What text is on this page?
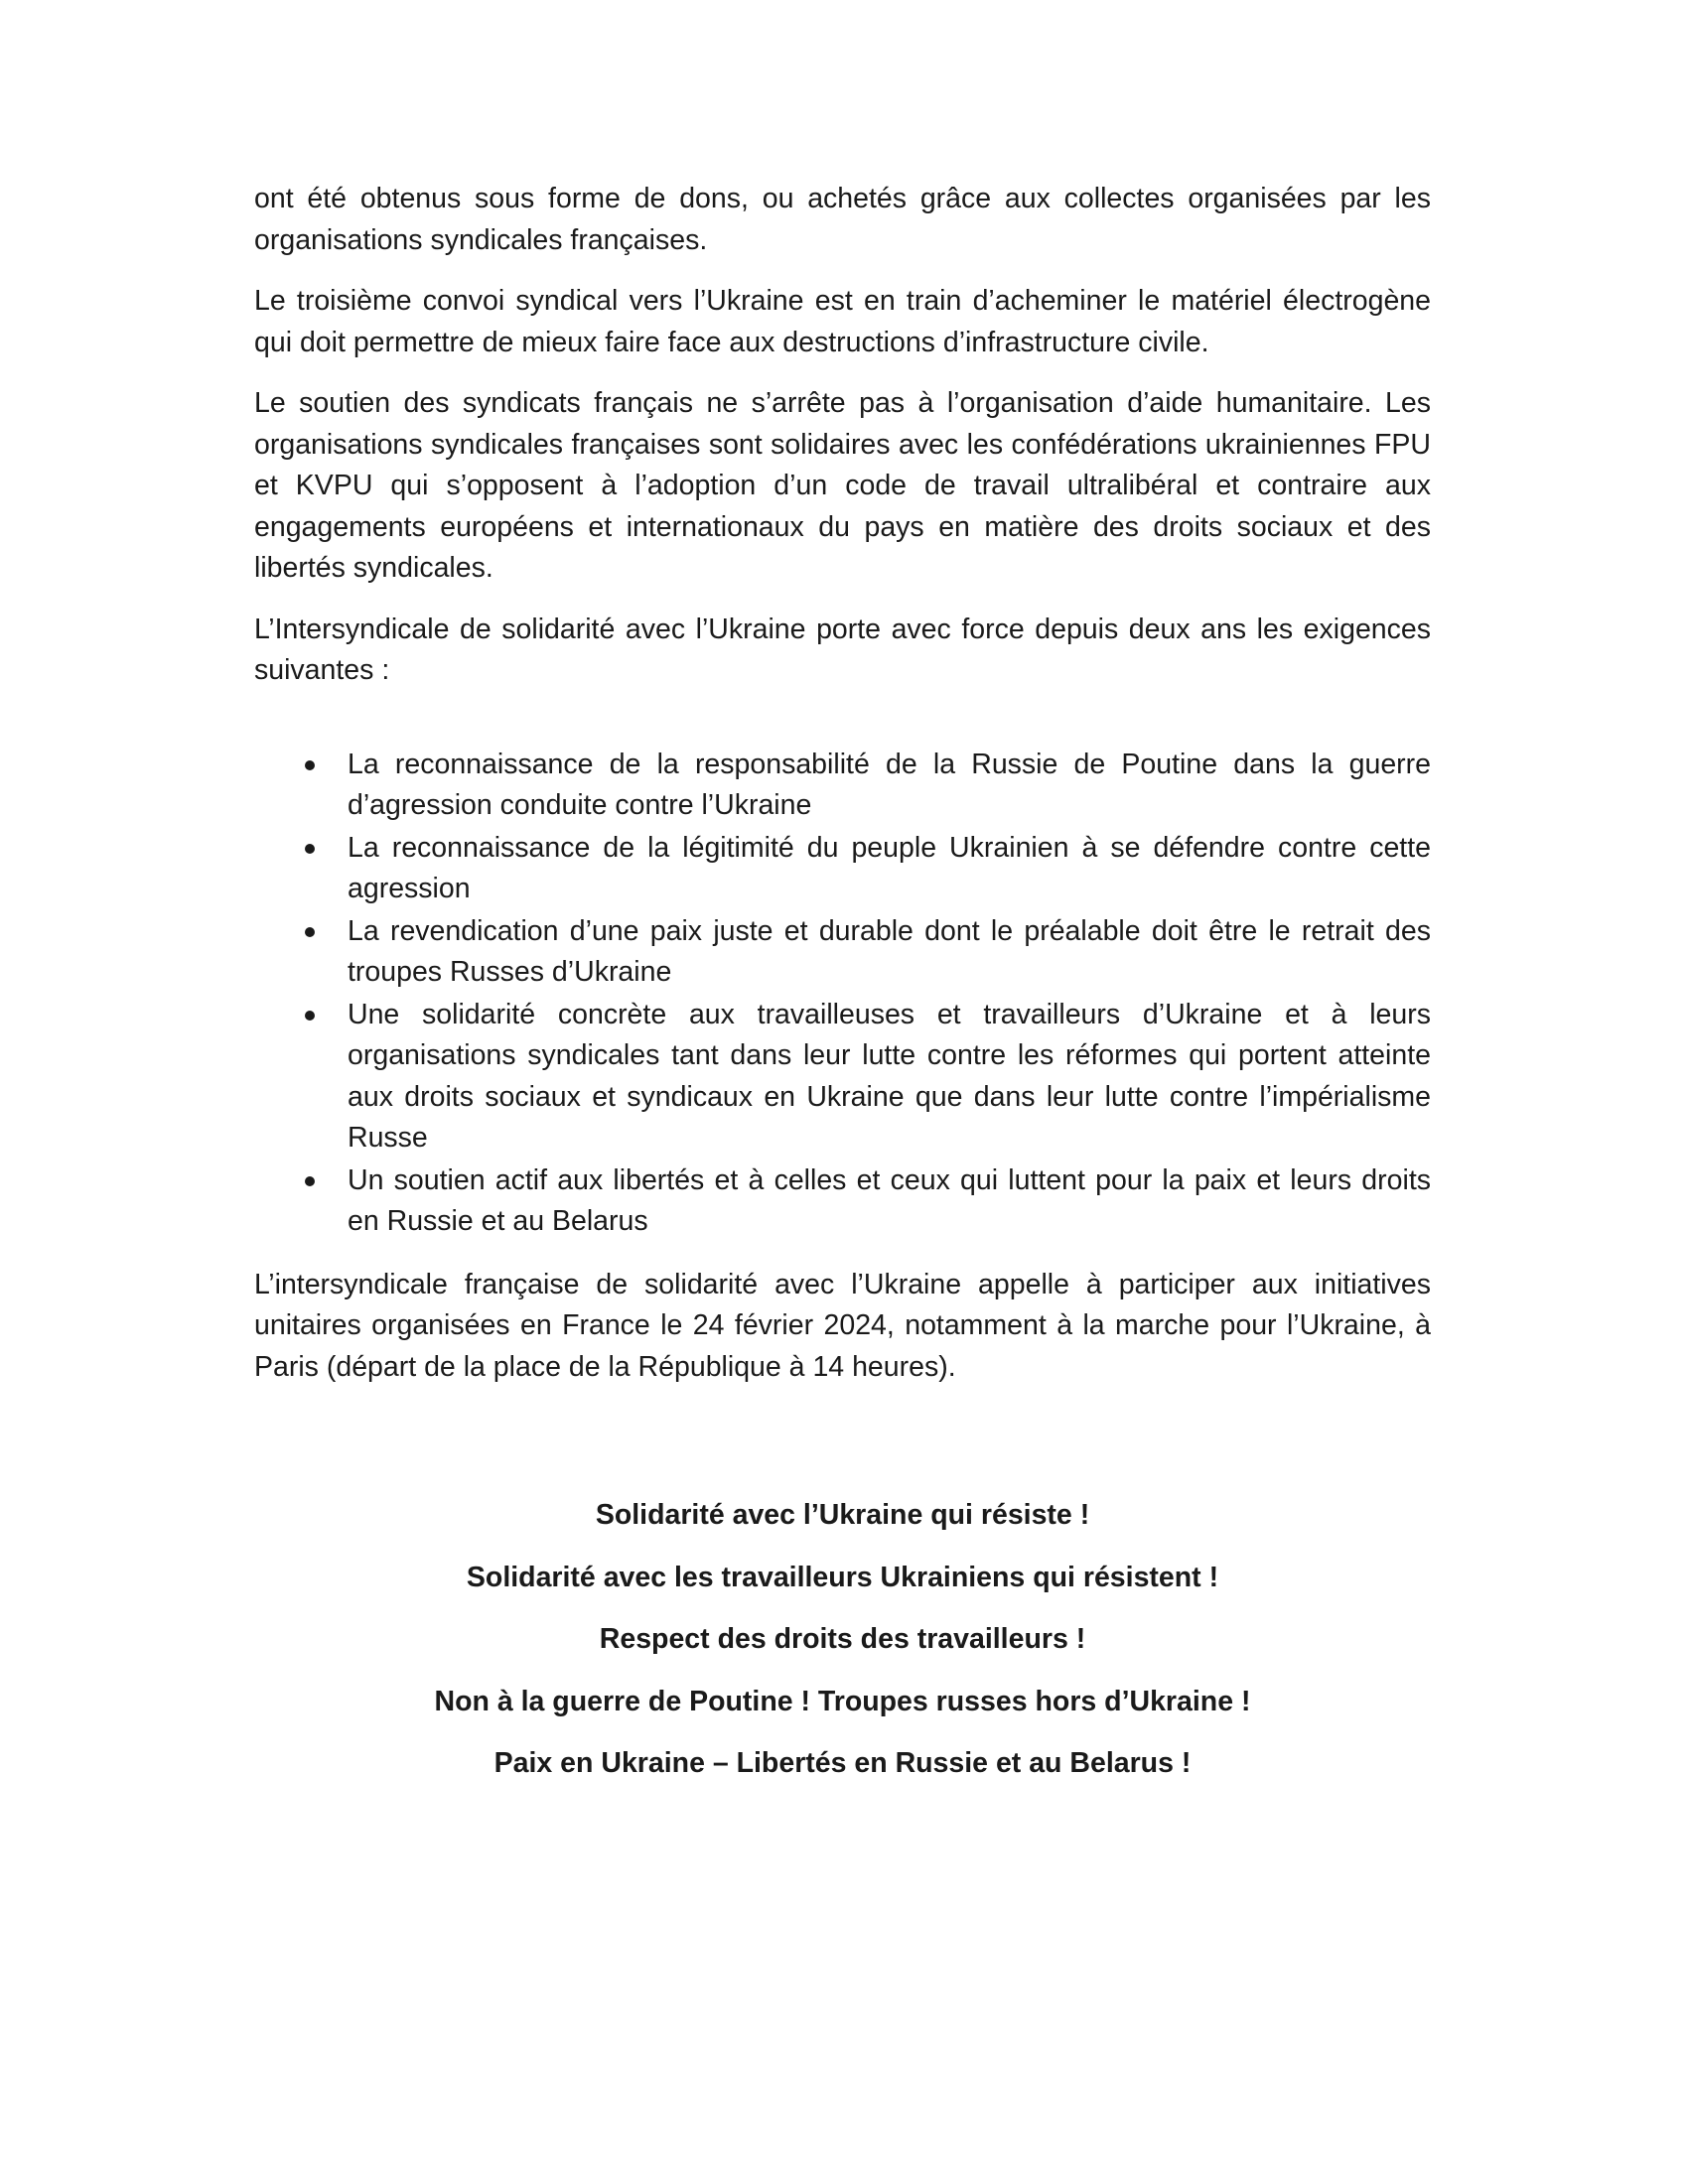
ont été obtenus sous forme de dons, ou achetés grâce aux collectes organisées par les organisations syndicales françaises.

Le troisième convoi syndical vers l’Ukraine est en train d’acheminer le matériel électrogène qui doit permettre de mieux faire face aux destructions d’infrastructure civile.

Le soutien des syndicats français ne s’arrête pas à l’organisation d’aide humanitaire. Les organisations syndicales françaises sont solidaires avec les confédérations ukrainiennes FPU et KVPU qui s’opposent à l’adoption d’un code de travail ultralibéral et contraire aux engagements européens et internationaux du pays en matière des droits sociaux et des libertés syndicales.

L’Intersyndicale de solidarité avec l’Ukraine porte avec force depuis deux ans les exigences suivantes :

La reconnaissance de la responsabilité de la Russie de Poutine dans la guerre d’agression conduite contre l’Ukraine
La reconnaissance de la légitimité du peuple Ukrainien à se défendre contre cette agression
La revendication d’une paix juste et durable dont le préalable doit être le retrait des troupes Russes d’Ukraine
Une solidarité concrète aux travailleuses et travailleurs d’Ukraine et à leurs organisations syndicales tant dans leur lutte contre les réformes qui portent atteinte aux droits sociaux et syndicaux en Ukraine que dans leur lutte contre l’impérialisme Russe
Un soutien actif aux libertés et à celles et ceux qui luttent pour la paix et leurs droits en Russie et au Belarus

L’intersyndicale française de solidarité avec l’Ukraine appelle à participer aux initiatives unitaires organisées en France le 24 février 2024, notamment à la marche pour l’Ukraine, à Paris (départ de la place de la République à 14 heures).

Solidarité avec l’Ukraine qui résiste !

Solidarité avec les travailleurs Ukrainiens qui résistent !

Respect des droits des travailleurs !

Non à la guerre de Poutine ! Troupes russes hors d’Ukraine !

Paix en Ukraine – Libertés en Russie et au Belarus !
